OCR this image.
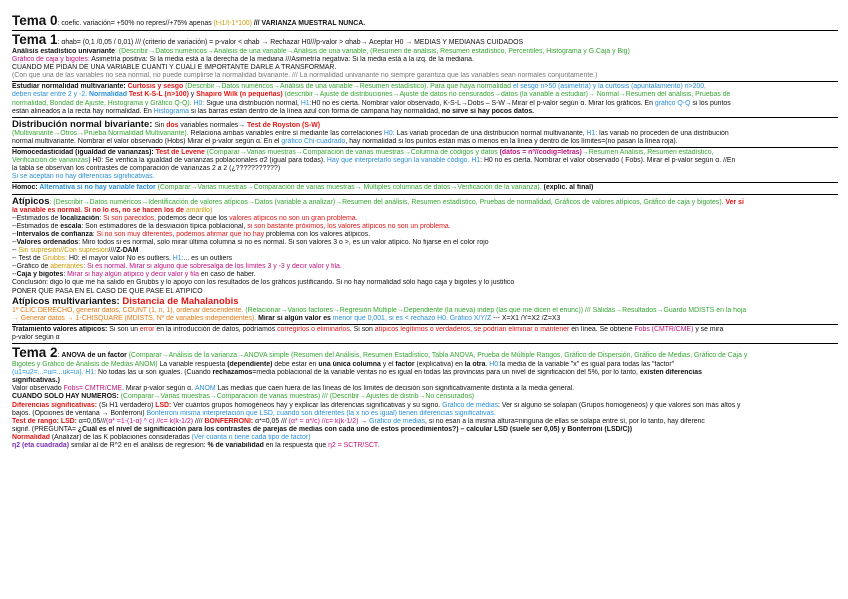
Tema 0: coefic. variación= +50% no repres//+75% apenas (t-i1/t-1*100) /// VARIANZA MUESTRAL NUNCA.
Tema 1: αhab= (0,1 /0,05 / 0,01) /// (criterio de variación) = p-valor < αhab → Rechazar H0///p-valor > αhab→ Aceptar H0 → MEDIAS Y MEDIANAS CUIDADOS
Análisis estadístico univariante: (Describir→Datos numéricos→Análisis de una variable→Análisis de una variable, (Resumen de análisis, Resumen estadístico, Percentiles, Histograma y G.Caja y Big)
Gráfico de caja y bigotes: Asimetría positiva: Si la media está a la derecha de la mediana ///Asimetría negativa: Si la media está a la izq. de la mediana.
CUANDO ME PIDAN DE UNA VARIABLE CUANTI Y CUALI E IMPORTANTE DARLE A TRANSFORMAR.
(Con que una de las variables no sea normal, no puede cumplirse la normalidad bivariante. /// La normalidad univariante no siempre garantiza que las variables sean normales conjuntamente.)
Estudiar normalidad multivariante: Curtosis y sesgo (Describir→Datos numéricos→Análisis de una variable→Resumen estadístico). Para que haya normalidad el sesgo n>50 (asimetría) y la curtosis (apuntalamiento) n>200,
deben estar entre 2 y -2. Normalidad Test K-S-L (n>100) y Shapiro Wilk (n pequeñas) (describir→Ajuste de distribuciones→Ajuste de datos no censurados→datos (la variable a estudiar)→ Normal→Resumen del análisis, Pruebas de
normalidad, Bondad de Ajuste, Histograma y Gráfico Q-Q). H0: Sigue una distribución normal, H1:H0 no es cierta. Nombrar valor observado, K-S-L→Dobs – S-W→Mirar el p-valor según α. Mirar los gráficos. En gráfico Q-Q si los puntos
están alineados a la recta hay normalidad. En Histograma si las barras están dentro de la línea azul con forma de campana hay normalidad, no sirve si hay pocos datos.
Distribución normal bivariante: Sin dos variables normales→ Test de Royston (S-W)
(Multivariante→Otros→Prueba Normalidad Multivariante). Relaciona ambas variables entre sí mediante las correlaciones H0: Las variab procedan de una distribución normal multivariante, H1: las variab no proceden de una distribución
normal multivariante. Nombrar el valor observado (Hobs) Mirar el p-valor según α. En el gráfico Chi-cuadrado, hay normalidad si los puntos están más o menos en la línea y dentro de los límites=(no pasan la línea roja).
Homocedasticidad (igualdad de varianzas): Test de Levene (Comparar→Varias muestras→Comparación de varias muestras→Columna de códigos y datos (datos = nº//codig=letras)→Resumen Análisis, Resumen estadístico,
Verificación de varianzas) H0: Se verifica la igualdad de varianzas poblacionales σ2 (igual para todas). Hay que interpretarlo según la variable código. H1: H0 no es cierta. Nombrar el valor observado ( Fobs). Mirar el p-valor según α. //En
la tabla se observan los contrastes de comparación de varianzas 2 a 2 (¿???????????)
Si se aceptan no hay diferencias significativas.
Homoc: Alternativa si no hay variable factor (Comparar→Varias muestras→Comparación de varias muestras→ Múltiples columnas de datos→Verificación de la varianza). (explic. al final)
Atípicos: (Describir→Datos numéricos→Identificación de valores atípicos→Datos (variable a analizar)→Resumen del análisis, Resumen estadístico, Pruebas de normalidad, Gráficos de valores atípicos, Gráfico de caja y bigotes). Ver si
la variable es normal. Si no lo es, no se hacen los de amarillo)
--Estimados de localización: Si son parecidos, podemos decir que los valores atípicos no son un gran problema.
--Estimados de escala: Son estimadores de la desviación típica poblacional, si son bastante próximos, los valores atípicos no son un problema.
--Intervalos de confianza: Si no son muy diferentes, podemos afirmar que no hay problema con los valores atípicos.
--Valores ordenados: Miro todos si es normal, solo mirar última columna si no es normal. Si son valores 3 o >, es un valor atípico. No fijarse en el color rojo
-- Sin supresión//Con supresión////Z-DAM
-- Test de Grubbs: H0: el mayor valor No es outliers. H1:... es un outliers
--Gráfico de aberrantes: Si es normal. Mirar si alguno que sobresalga de los límites 3 y -3 y decir valor y fila.
--Caja y bigotes: Mirar si hay algún atípico y decir valor y fila en caso de haber.
Conclusión: digo lo que me ha salido en Grubbs y lo apoyo con los resultados de los gráficos justificando. Si no hay normalidad sólo hago caja y bigotes y lo justifico
PONER QUE PASA EN EL CASO DE QUE PASE EL ATIPICO
Atípicos multivariantes: Distancia de Mahalanobis
1º CLIC DERECHO, generar datos, COUNT (1, n, 1), ordenar descendente. (Relacionar→Varios factores→Regresión Múltiple→Dependiente (la nueva) indep (las que me dicen el enunc)) /// Salidas→Resultados→Guardo MDISTS en la hoja
→ Generar datos → 1-CHISQUARE (MDISTS, Nº de variables independientes). Mirar si algún valor es menor que 0,001, si es < rechazo H0. Gráfico X/Y/Z --- X=X1 /Y=X2 /Z=X3
Tratamiento valores atípicos: Si son un error en la introducción de datos, podríamos corregirlos o eliminarlos. Si son atípicos legítimos o verdaderos, se podrían eliminar o mantener en línea. Se obtiene Fobs (CMTR/CME) y se mira
p-valor según α
Tema 2: ANOVA de un factor (Comparar→Análisis de la varianza→ANOVA simple (Resumen del Análisis, Resumen Estadístico, Tabla ANOVA, Prueba de Múltiple Rangos, Gráfico de Dispersión, Gráfico de Medias, Gráfico de Caja y
Bigotes y Gráfico de Análisis de Medias ANOM) La variable respuesta (dependiente) debe estar en una única columna y el factor (explicativa) en la otra. H0:la media de la variable "x" es igual para todas las "factor"
(u1=u2=...=ui=...uk=ui). H1: No todas las ui son iguales. (Cuando rechazamos=media poblacional de la variable ventas no es igual en todas las provincias para un nivel de significación del 5%, por lo tanto, existen diferencias
significativas.)
Valor observado Fobs= CMTR/CME. Mirar p-valor según α. ANOM Las medias que caen fuera de las líneas de los límites de decisión son significativamente distinta a la media general.
CUANDO SOLO HAY NUMEROS: (Comparar→Varias muestras→Comparación de varias muestras) /// (Describir→Ajustes de distrib→No censurados)
Diferencias significativas: (Si H1 verdadero) LSD: Ver cuántos grupos homogéneos hay y explicar las diferencias significativas y su signo. Gráfico de medias: Ver si alguno se solapan (Grupos homogéneos) y que valores son más altos y
bajos. (Opciones de ventana → Bonferroni) Bonferroni misma interpretación que LSD, cuando son diferentes (la x no es igual) tienen diferencias significativas.
Test de rango: LSD: α=0,05///(α* =1-(1-α) ^ c) //c= k(k-1/2) //// BONFERRONI: α*=0,05 /// (α* = α*/c) //c= k(k-1/2) → Gráfico de medias, si no esan a la misma altura=ninguna de ellas se solapa entre sí, por lo tanto, hay diferenc
signif. (PREGUNTA= ¿Cuál es el nivel de significación para los contrastes de parejas de medias con cada uno de estos procedimientos?) – calcular LSD (suele ser 0,05) y Bonferroni (LSD/C))
Normalidad (Analizar) de las K poblaciones consideradas (Ver cuanta n tiene cada tipo de factor)
η2 (eta cuadrada) similar al de R^2 en el análisis de regresión: % de variabilidad en la respuesta que η2 = SCTR/SCT.
